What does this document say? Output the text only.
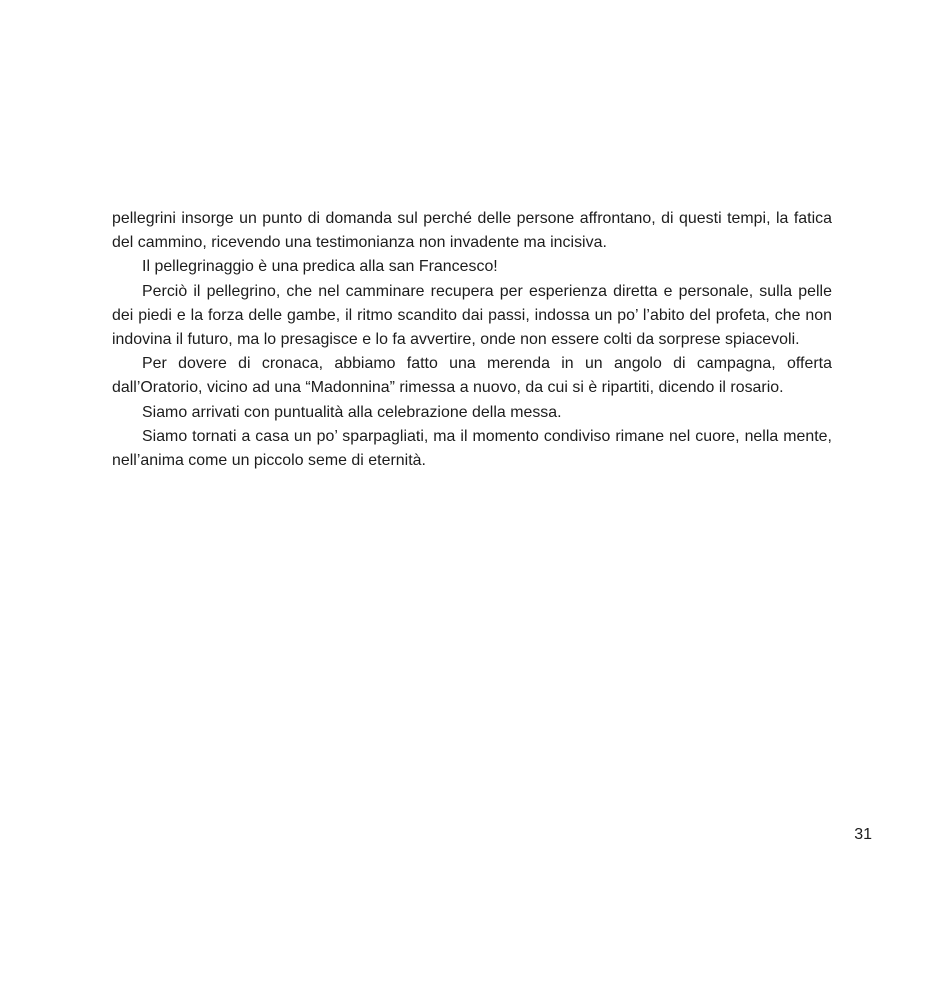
pellegrini insorge un punto di domanda sul perché delle persone affrontano, di questi tempi, la fatica del cammino, ricevendo una testimonianza non invadente ma incisiva.

Il pellegrinaggio è una predica alla san Francesco!

Perciò il pellegrino, che nel camminare recupera per esperienza diretta e personale, sulla pelle dei piedi e la forza delle gambe, il ritmo scandito dai passi, indossa un po’ l’abito del profeta, che non indovina il futuro, ma lo presagisce e lo fa avvertire, onde non essere colti da sorprese spiacevoli.

Per dovere di cronaca, abbiamo fatto una merenda in un angolo di campagna, offerta dall’Oratorio, vicino ad una “Madonnina” rimessa a nuovo, da cui si è ripartiti, dicendo il rosario.

Siamo arrivati con puntualità alla celebrazione della messa.

Siamo tornati a casa un po’ sparpagliati, ma il momento condiviso rimane nel cuore, nella mente, nell’anima come un piccolo seme di eternità.

31
